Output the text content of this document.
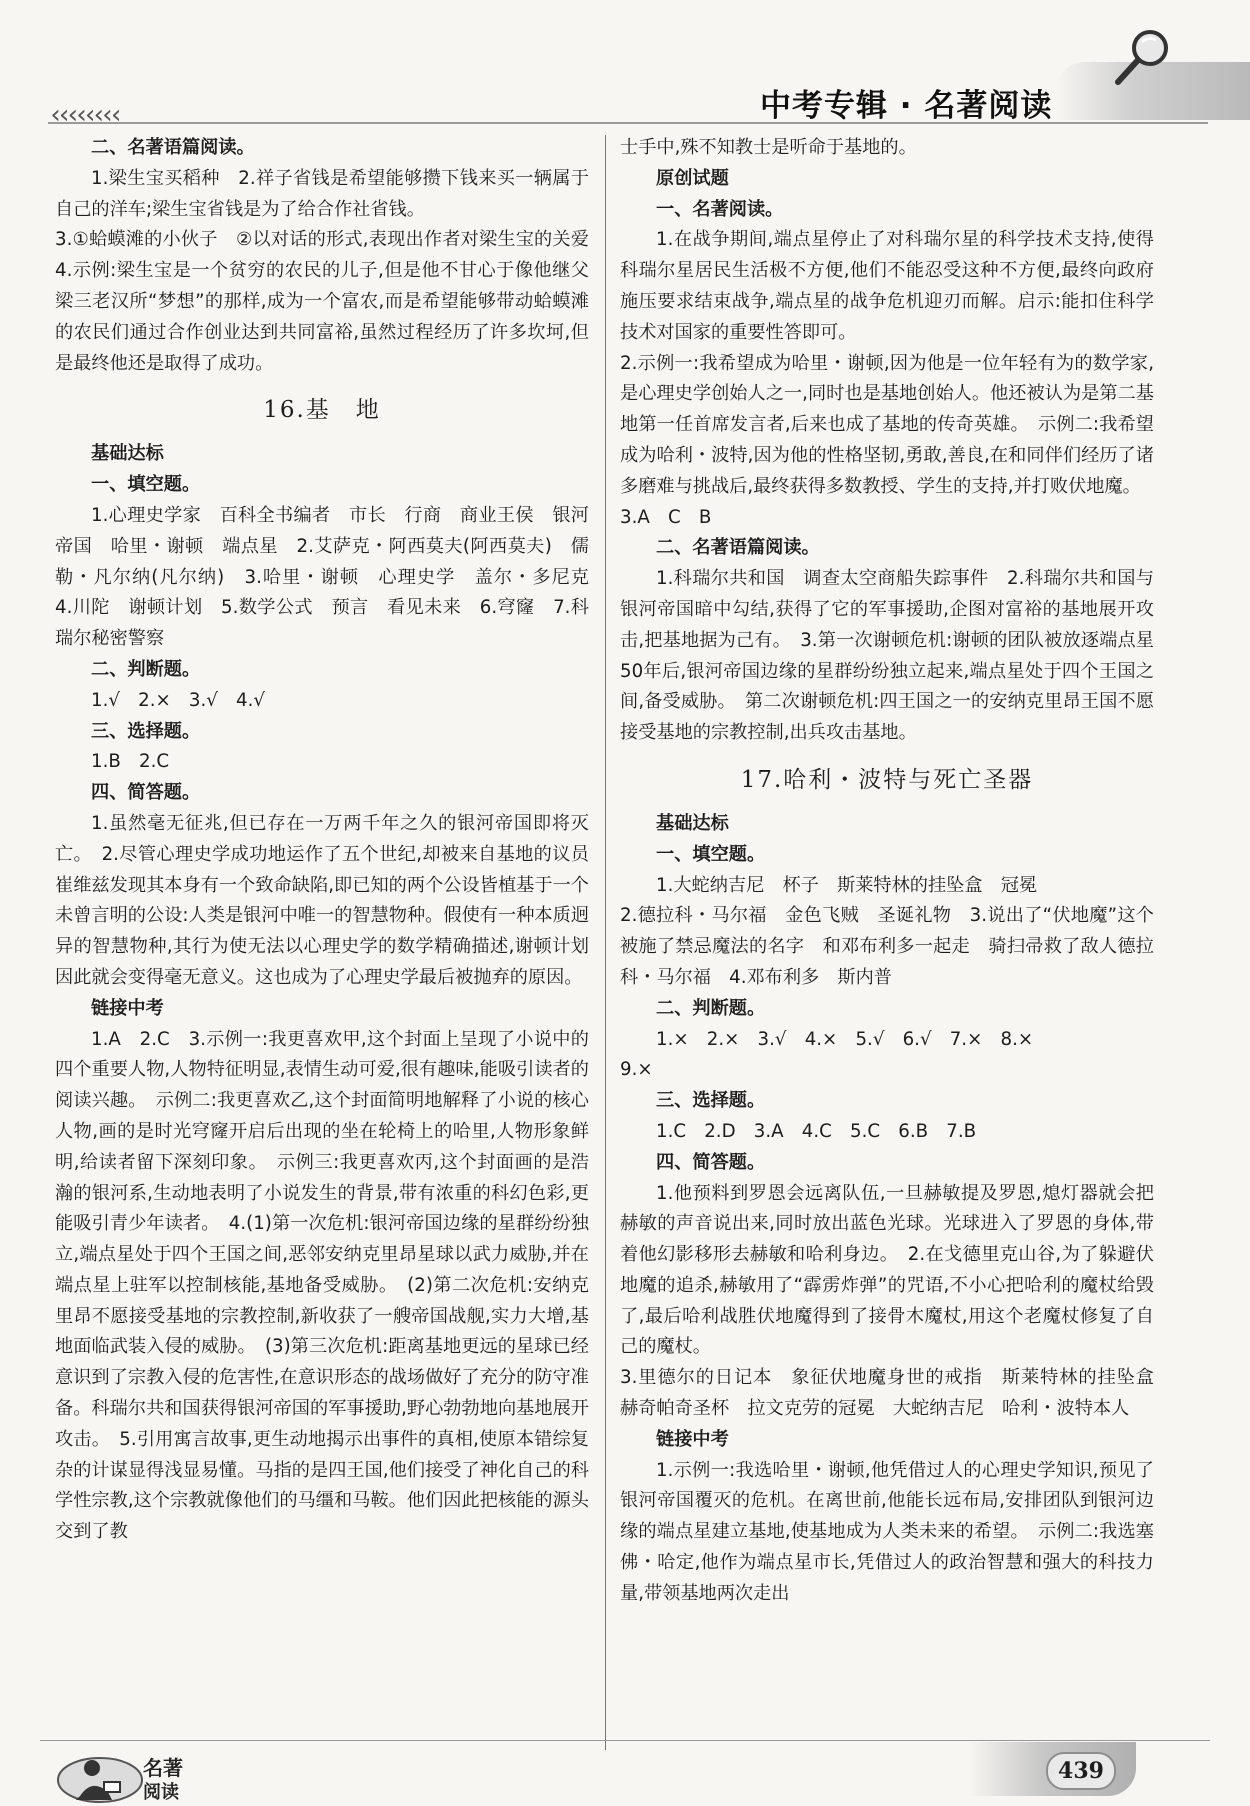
‹‹‹‹‹‹‹‹	中考专辑 · 名著阅读

二、名著语篇阅读。

1.梁生宝买稻种　2.祥子省钱是希望能够攒下钱来买一辆属于自己的洋车;梁生宝省钱是为了给合作社省钱。

3.①蛤蟆滩的小伙子　②以对话的形式,表现出作者对梁生宝的关爱　4.示例:梁生宝是一个贫穷的农民的儿子,但是他不甘心于像他继父梁三老汉所“梦想”的那样,成为一个富农,而是希望能够带动蛤蟆滩的农民们通过合作创业达到共同富裕,虽然过程经历了许多坎坷,但是最终他还是取得了成功。

16.基　地

基础达标

一、填空题。

1.心理史学家　百科全书编者　市长　行商　商业王侯　银河帝国　哈里・谢顿　端点星　2.艾萨克・阿西莫夫(阿西莫夫)　儒勒・凡尔纳(凡尔纳)　3.哈里・谢顿　心理史学　盖尔・多尼克　4.川陀　谢顿计划　5.数学公式　预言　看见未来　6.穹窿　7.科瑞尔秘密警察

二、判断题。

1.√　2.×　3.√　4.√

三、选择题。

1.B　2.C

四、简答题。

1.虽然毫无征兆,但已存在一万两千年之久的银河帝国即将灭亡。　2.尽管心理史学成功地运作了五个世纪,却被来自基地的议员崔维兹发现其本身有一个致命缺陷,即已知的两个公设皆植基于一个未曾言明的公设:人类是银河中唯一的智慧物种。假使有一种本质迥异的智慧物种,其行为使无法以心理史学的数学精确描述,谢顿计划因此就会变得毫无意义。这也成为了心理史学最后被抛弃的原因。

链接中考

1.A　2.C　3.示例一:我更喜欢甲,这个封面上呈现了小说中的四个重要人物,人物特征明显,表情生动可爱,很有趣味,能吸引读者的阅读兴趣。　示例二:我更喜欢乙,这个封面简明地解释了小说的核心人物,画的是时光穹窿开启后出现的坐在轮椅上的哈里,人物形象鲜明,给读者留下深刻印象。　示例三:我更喜欢丙,这个封面画的是浩瀚的银河系,生动地表明了小说发生的背景,带有浓重的科幻色彩,更能吸引青少年读者。　4.(1)第一次危机:银河帝国边缘的星群纷纷独立,端点星处于四个王国之间,恶邻安纳克里昂星球以武力威胁,并在端点星上驻军以控制核能,基地备受威胁。　(2)第二次危机:安纳克里昂不愿接受基地的宗教控制,新收获了一艘帝国战舰,实力大增,基地面临武装入侵的威胁。　(3)第三次危机:距离基地更远的星球已经意识到了宗教入侵的危害性,在意识形态的战场做好了充分的防守准备。科瑞尔共和国获得银河帝国的军事援助,野心勃勃地向基地展开攻击。　5.引用寓言故事,更生动地揭示出事件的真相,使原本错综复杂的计谋显得浅显易懂。马指的是四王国,他们接受了神化自己的科学性宗教,这个宗教就像他们的马缰和马鞍。他们因此把核能的源头交到了教

士手中,殊不知教士是听命于基地的。

原创试题

一、名著阅读。

1.在战争期间,端点星停止了对科瑞尔星的科学技术支持,使得科瑞尔星居民生活极不方便,他们不能忍受这种不方便,最终向政府施压要求结束战争,端点星的战争危机迎刃而解。启示:能扣住科学技术对国家的重要性答即可。

2.示例一:我希望成为哈里・谢顿,因为他是一位年轻有为的数学家,是心理史学创始人之一,同时也是基地创始人。他还被认为是第二基地第一任首席发言者,后来也成了基地的传奇英雄。　示例二:我希望成为哈利・波特,因为他的性格坚韧,勇敢,善良,在和同伴们经历了诸多磨难与挑战后,最终获得多数教授、学生的支持,并打败伏地魔。

3.A　C　B

二、名著语篇阅读。

1.科瑞尔共和国　调查太空商船失踪事件　2.科瑞尔共和国与银河帝国暗中勾结,获得了它的军事援助,企图对富裕的基地展开攻击,把基地据为己有。　3.第一次谢顿危机:谢顿的团队被放逐端点星50年后,银河帝国边缘的星群纷纷独立起来,端点星处于四个王国之间,备受威胁。　第二次谢顿危机:四王国之一的安纳克里昂王国不愿接受基地的宗教控制,出兵攻击基地。

17.哈利・波特与死亡圣器

基础达标

一、填空题。

1.大蛇纳吉尼　杯子　斯莱特林的挂坠盒　冠冕

2.德拉科・马尔福　金色飞贼　圣诞礼物　3.说出了“伏地魔”这个被施了禁忌魔法的名字　和邓布利多一起走　骑扫帚救了敌人德拉科・马尔福　4.邓布利多　斯内普

二、判断题。

1.×　2.×　3.√　4.×　5.√　6.√　7.×　8.×

9.×

三、选择题。

1.C　2.D　3.A　4.C　5.C　6.B　7.B

四、简答题。

1.他预料到罗恩会远离队伍,一旦赫敏提及罗恩,熄灯器就会把赫敏的声音说出来,同时放出蓝色光球。光球进入了罗恩的身体,带着他幻影移形去赫敏和哈利身边。　2.在戈德里克山谷,为了躲避伏地魔的追杀,赫敏用了“霹雳炸弹”的咒语,不小心把哈利的魔杖给毁了,最后哈利战胜伏地魔得到了接骨木魔杖,用这个老魔杖修复了自己的魔杖。

3.里德尔的日记本　象征伏地魔身世的戒指　斯莱特林的挂坠盒　赫奇帕奇圣杯　拉文克劳的冠冕　大蛇纳吉尼　哈利・波特本人

链接中考

1.示例一:我选哈里・谢顿,他凭借过人的心理史学知识,预见了银河帝国覆灭的危机。在离世前,他能长远布局,安排团队到银河边缘的端点星建立基地,使基地成为人类未来的希望。　示例二:我选塞佛・哈定,他作为端点星市长,凭借过人的政治智慧和强大的科技力量,带领基地两次走出

名著
阅读
439
